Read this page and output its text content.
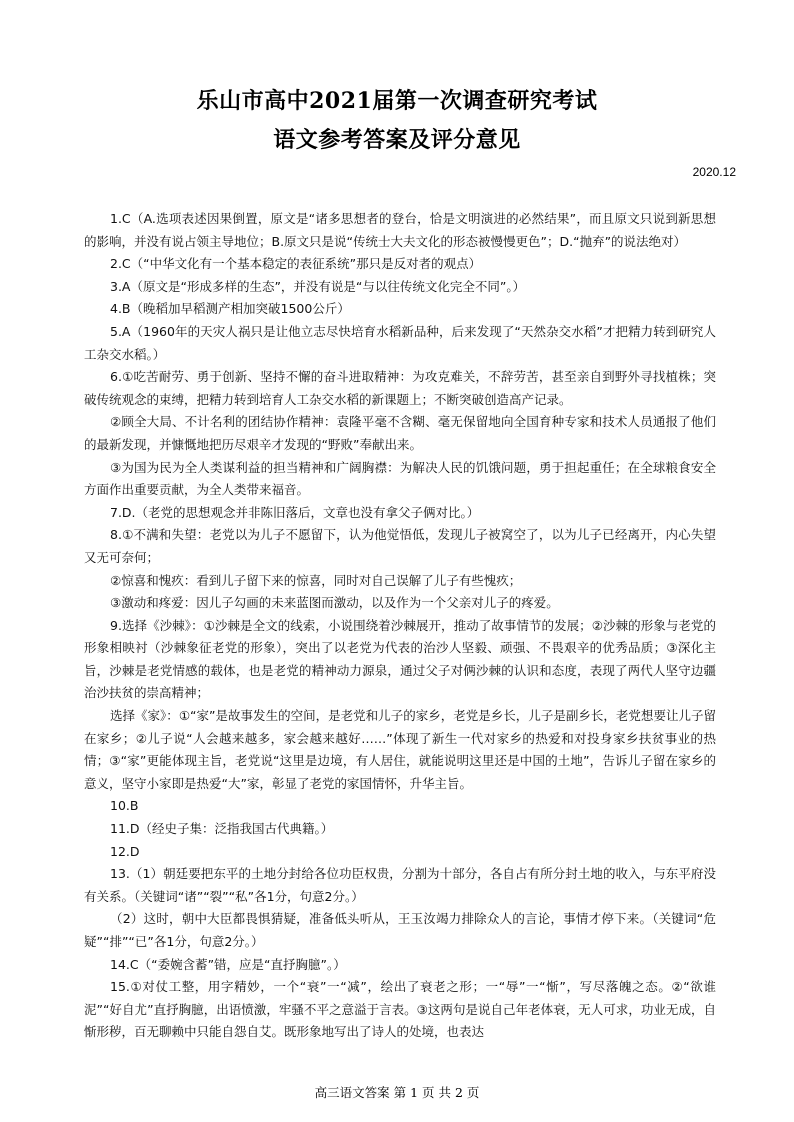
乐山市高中2021届第一次调查研究考试
语文参考答案及评分意见
2020.12

1.C（A.选项表述因果倒置，原文是“诸多思想者的登台，恰是文明演进的必然结果”，而且原文只说到新思想的影响，并没有说占领主导地位；B.原文只是说“传统士大夫文化的形态被慢慢更色”；D.“抛弃”的说法绝对）

2.C（“中华文化有一个基本稳定的表征系统”那只是反对者的观点）

3.A（原文是“形成多样的生态”，并没有说是“与以往传统文化完全不同”。）

4.B（晚稻加早稻测产相加突破1500公斤）

5.A（1960年的天灾人祸只是让他立志尽快培育水稻新品种，后来发现了“天然杂交水稻”才把精力转到研究人工杂交水稻。）

6.①吃苦耐劳、勇于创新、坚持不懈的奋斗进取精神：为攻克难关，不辞劳苦，甚至亲自到野外寻找植株；突破传统观念的束缚，把精力转到培育人工杂交水稻的新课题上；不断突破创造高产记录。

②顾全大局、不计名利的团结协作精神：袁隆平毫不含糊、毫无保留地向全国育种专家和技术人员通报了他们的最新发现，并慷慨地把历尽艰辛才发现的“野败”奉献出来。

③为国为民为全人类谋利益的担当精神和广阔胸襟：为解决人民的饥饿问题，勇于担起重任；在全球粮食安全方面作出重要贡献，为全人类带来福音。

7.D.（老党的思想观念并非陈旧落后，文章也没有拿父子俩对比。）

8.①不满和失望：老党以为儿子不愿留下，认为他觉悟低，发现儿子被窝空了，以为儿子已经离开，内心失望又无可奈何；

②惊喜和愧疚：看到儿子留下来的惊喜，同时对自己误解了儿子有些愧疚；

③激动和疼爱：因儿子勾画的未来蓝图而激动，以及作为一个父亲对儿子的疼爱。

9.选择《沙棘》：①沙棘是全文的线索，小说围绕着沙棘展开，推动了故事情节的发展；②沙棘的形象与老党的形象相映衬（沙棘象征老党的形象），突出了以老党为代表的治沙人坚毅、顽强、不畏艰辛的优秀品质；③深化主旨，沙棘是老党情感的载体，也是老党的精神动力源泉，通过父子对俩沙棘的认识和态度，表现了两代人坚守边疆治沙扶贫的崇高精神；

选择《家》：①“家”是故事发生的空间，是老党和儿子的家乡，老党是乡长，儿子是副乡长，老党想要让儿子留在家乡；②儿子说“人会越来越多，家会越来越好……”体现了新生一代对家乡的热爱和对投身家乡扶贫事业的热情；③“家”更能体现主旨，老党说“这里是边境，有人居住，就能说明这里还是中国的土地”，告诉儿子留在家乡的意义，坚守小家即是热爱“大”家，彰显了老党的家国情怀，升华主旨。

10.B

11.D（经史子集：泛指我国古代典籍。）

12.D

13.（1）朝廷要把东平的土地分封给各位功臣权贵，分割为十部分，各自占有所分封土地的收入，与东平府没有关系。（关键词“诸”“裂”“私”各1分，句意2分。）

（2）这时，朝中大臣都畏惧猜疑，准备低头听从，王玉汝竭力排除众人的言论，事情才停下来。（关键词“危疑”“排”“已”各1分，句意2分。）

14.C（“委婉含蓄”错，应是“直抒胸臆”。）

15.①对仗工整，用字精妙，一个“衰”一“减”，绘出了衰老之形；一“辱”一“惭”，写尽落魄之态。②“欲谁泥”“好自尤”直抒胸臆，出语愤激，牢骚不平之意溢于言表。③这两句是说自己年老体衰，无人可求，功业无成，自惭形秽，百无聊赖中只能自怨自艾。既形象地写出了诗人的处境，也表达

高三语文答案 第 1 页 共 2 页
